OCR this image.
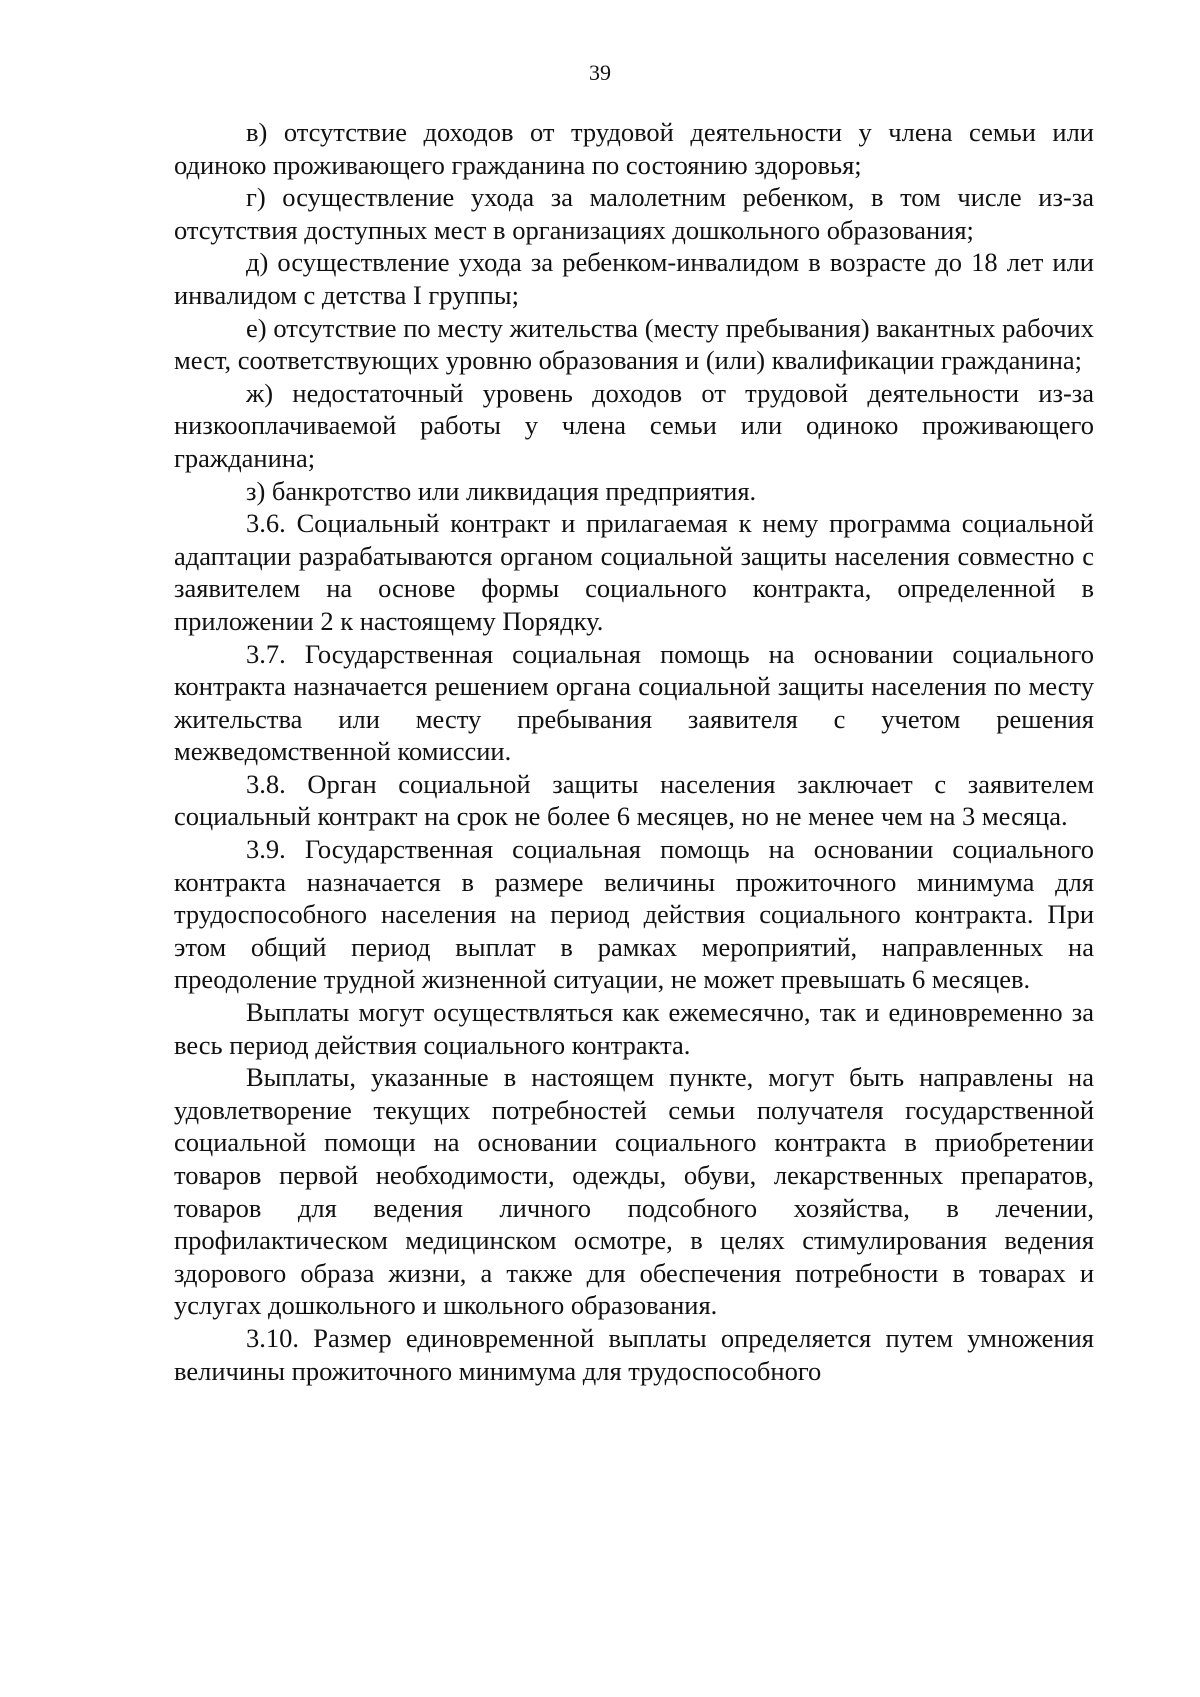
39

в) отсутствие доходов от трудовой деятельности у члена семьи или одиноко проживающего гражданина по состоянию здоровья;

г) осуществление ухода за малолетним ребенком, в том числе из-за отсутствия доступных мест в организациях дошкольного образования;

д) осуществление ухода за ребенком-инвалидом в возрасте до 18 лет или инвалидом с детства I группы;

е) отсутствие по месту жительства (месту пребывания) вакантных рабочих мест, соответствующих уровню образования и (или) квалификации гражданина;

ж) недостаточный уровень доходов от трудовой деятельности из-за низкооплачиваемой работы у члена семьи или одиноко проживающего гражданина;

з) банкротство или ликвидация предприятия.

3.6. Социальный контракт и прилагаемая к нему программа социальной адаптации разрабатываются органом социальной защиты населения совместно с заявителем на основе формы социального контракта, определенной в приложении 2 к настоящему Порядку.

3.7. Государственная социальная помощь на основании социального контракта назначается решением органа социальной защиты населения по месту жительства или месту пребывания заявителя с учетом решения межведомственной комиссии.

3.8. Орган социальной защиты населения заключает с заявителем социальный контракт на срок не более 6 месяцев, но не менее чем на 3 месяца.

3.9. Государственная социальная помощь на основании социального контракта назначается в размере величины прожиточного минимума для трудоспособного населения на период действия социального контракта. При этом общий период выплат в рамках мероприятий, направленных на преодоление трудной жизненной ситуации, не может превышать 6 месяцев.

Выплаты могут осуществляться как ежемесячно, так и единовременно за весь период действия социального контракта.

Выплаты, указанные в настоящем пункте, могут быть направлены на удовлетворение текущих потребностей семьи получателя государственной социальной помощи на основании социального контракта в приобретении товаров первой необходимости, одежды, обуви, лекарственных препаратов, товаров для ведения личного подсобного хозяйства, в лечении, профилактическом медицинском осмотре, в целях стимулирования ведения здорового образа жизни, а также для обеспечения потребности в товарах и услугах дошкольного и школьного образования.

3.10. Размер единовременной выплаты определяется путем умножения величины прожиточного минимума для трудоспособного
